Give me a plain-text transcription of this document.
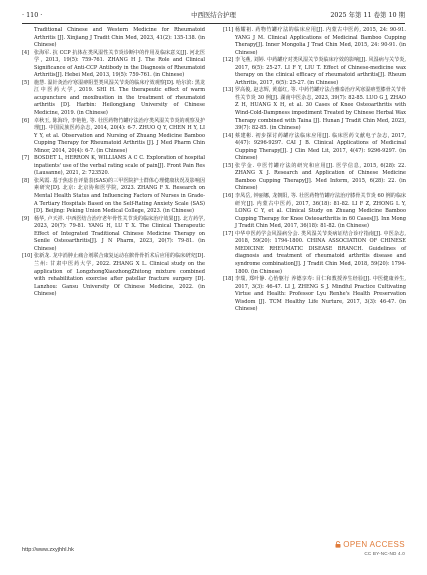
· 110 ·	中西医结合护理	2025 年第 11 卷第 10 期

Traditional Chinese and Western Medicine for Rheumatoid Arthritis [J]. Xinjiang J Tradit Chin Med, 2023, 41(2): 135-138. (in Chinese)

[4] 张海军. 抗 CCP 抗体在类风湿性关节炎诊断中的作用及临床意义[J]. 河北医学, 2013, 19(5): 759-761. ZHANG H J. The Role and Clinical Significance of Anti-CCP Antibody in the Diagnosis of Rheumatoid Arthritis[J]. Hebei Med, 2013, 19(5): 759-761. (in Chinese)

[5] 施慧. 温针灸治疗寒湿痹阻型类风湿关节炎的临床疗效观察[D]. 哈尔滨: 黑龙江中医药大学, 2019. SHI H. The therapeutic effect of warm acupuncture and moxibustion in the treatment of rheumatoid arthritis [D]. Harbin: Heilongjiang University of Chinese Medicine, 2019. (in Chinese)

[6] 卓秋玉, 陈海玲, 李艳艳, 等. 壮医药物竹罐疗法治疗类风湿关节炎的观察及护理[J]. 中国民族医药杂志, 2014, 20(4): 6-7. ZHUO Q Y, CHEN H Y, LI Y Y, et al. Observation and Nursing of Zhuang Medicine Bamboo Cupping Therapy for Rheumatoid Arthritis [J]. J Med Pharm Chin Minor, 2014, 20(4): 6-7. (in Chinese)

[7] BOSDET L, HERRON K, WILLIAMS A C C. Exploration of hospital inpatients' use of the verbal rating scale of pain[J]. Front Pain Res (Lausanne), 2021, 2: 723520.

[8] 张风霞. 基于焦虑自评量表(SAS)的三甲医院护士群体心理健康状况及影响因素研究[D]. 北京: 北京协和医学院, 2023. ZHANG F X. Research on Mental Health Status and Influencing Factors of Nurses in Grade-A Tertiary Hospitals Based on the Self-Rating Anxiety Scale (SAS)[D]. Beijing: Peking Union Medical College, 2023. (in Chinese)

[9] 杨华, 卢天祥. 中西医结合治疗老年骨性关节炎的临床治疗效果[J]. 北方药学, 2023, 20(7): 79-81. YANG H, LU T X. The Clinical Therapeutic Effect of Integrated Traditional Chinese Medicine Therapy on Senile Osteoarthritis[J]. J N Pharm, 2023, 20(7): 79-81. (in Chinese)

[10] 张新龙. 龙中消肿止痛合剂联合康复运动在髌骨骨折术后应用的临床研究[D]. 兰州: 甘肃中医药大学, 2022. ZHANG X L. Clinical study on the application of LongzhongXiaozhongZhitong mixture combined with rehabilitation exercise after patellar fracture surgery [D]. Lanzhou: Gansu University Of Chinese Medicine, 2022. (in Chinese)

[11] 杨耀祖. 药物竹罐疗法的临床应用[J]. 内蒙古中医药, 2015, 24: 90-91. YANG J M. Clinical Applications of Medicinal Bamboo Cupping Therapy[J]. Inner Mongolia J Trad Chin Med, 2015, 24: 90-91. (in Chinese)

[12] 李飞燕, 刘婷. 中药罐疗对类风湿关节炎临床疗效的影响[J]. 风湿病与关节炎, 2017, 6(5): 25-27. LI F Y, LIU T. Effect of Chinese-medicine wax therapy on the clinical efficacy of rheumatoid arthritis[J]. Rheum Arthritis, 2017, 6(5): 25-27. (in Chinese)

[13] 罗高俊, 赵志辉, 黄嘉红, 等. 中药竹罐疗法合雅泰治疗风寒湿痹型膝骨关节骨性关节炎 30 例[J]. 湖南中医杂志, 2023, 39(7): 82-85. LUO G J, ZHAO Z H, HUANG X H, et al. 30 Cases of Knee Osteoarthritis with Wind-Cold-Dampness impediment Treated by Chinese Herbal Wax Therapy combined with Taina [J]. Hunan J Tradit Chin Med, 2023, 39(7): 82-85. (in Chinese)

[14] 蔡建彬. 初步探讨药罐疗法临床应用[J]. 临床医药文献电子杂志, 2017, 4(47): 9296-9297. CAI J B. Clinical Applications of Medicinal Cupping Therapy[J]. J Clin Med Lit, 2017, 4(47): 9296-9297. (in Chinese)

[15] 张学金. 中医竹罐疗法的研究和应用[J]. 医学信息, 2015, 6(28): 22. ZHANG X J. Research and Application of Chinese Medicine Bamboo Cupping Therapy[J]. Med Inform, 2015, 6(28): 22. (in Chinese)

[16] 李凤岳, 钟丽娜, 龙朝阳, 等. 壮医药物竹罐疗法治疗膝骨关节炎 60 例的临床研究[J]. 内蒙古中医药, 2017, 36(18): 81-82. LI F Z, ZHONG L Y, LONG C Y, et al. Clinical Study on Zhuang Medicine Bamboo Cupping Therapy for Knee Osteoarthritis in 60 Cases[J]. Inn Mong J Tradit Chin Med, 2017, 36(18): 81-82. (in Chinese)

[17] 中华中医药学会风湿病分会. 类风湿关节炎病证结合诊疗指南[J]. 中医杂志, 2018, 59(20): 1794-1800. CHINA ASSOCIATION OF CHINESE MEDICINE RHEUMATIC DISEASE BRANCH. Guidelines of diagnosis and treatment of rheumatoid arthritis disease and syndrome combination[J]. J Tradit Chin Med, 2018, 59(20): 1794-1800. (in Chinese)

[18] 李瑞, 郑叶静. 心怡躯行 养德享寿: 目仁和教授养生经验[J]. 中医健康养生, 2017, 3(3): 46-47. LI J, ZHENG S J. Mindful Practice Cultivating Virtue and Health: Professor Lyu Renhe's Health Preservation Wisdom [J]. TCM Healthy Life Nurture, 2017, 3(3): 46-47. (in Chinese)

http://www.zxyjhhl.hk
OPEN ACCESS
CC BY-NC-ND 4.0
